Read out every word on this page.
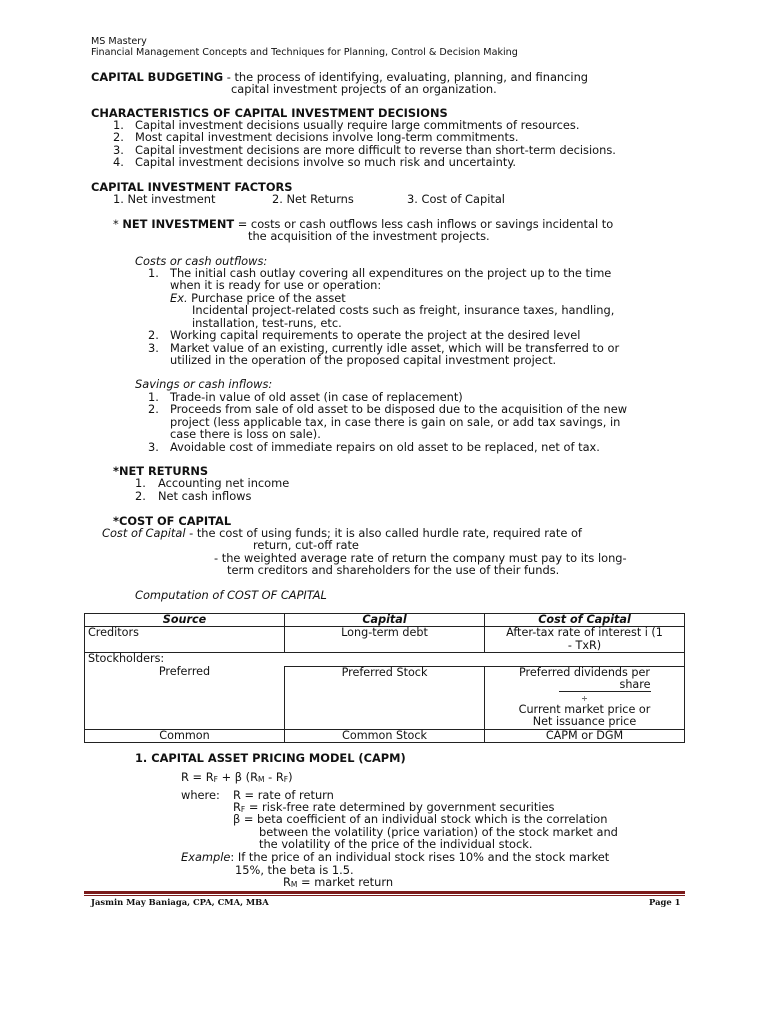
MS Mastery
Financial Management Concepts and Techniques for Planning, Control & Decision Making
CAPITAL BUDGETING - the process of identifying, evaluating, planning, and financing
capital investment projects of an organization.
CHARACTERISTICS OF CAPITAL INVESTMENT DECISIONS
1. Capital investment decisions usually require large commitments of resources.
2. Most capital investment decisions involve long-term commitments.
3. Capital investment decisions are more difficult to reverse than short-term decisions.
4. Capital investment decisions involve so much risk and uncertainty.
CAPITAL INVESTMENT FACTORS
1. Net investment	2. Net Returns	3. Cost of Capital
* NET INVESTMENT = costs or cash outflows less cash inflows or savings incidental to
the acquisition of the investment projects.
Costs or cash outflows:
1. The initial cash outlay covering all expenditures on the project up to the time
when it is ready for use or operation:
Ex. Purchase price of the asset
Incidental project-related costs such as freight, insurance taxes, handling,
installation, test-runs, etc.
2. Working capital requirements to operate the project at the desired level
3. Market value of an existing, currently idle asset, which will be transferred to or
utilized in the operation of the proposed capital investment project.
Savings or cash inflows:
1. Trade-in value of old asset (in case of replacement)
2. Proceeds from sale of old asset to be disposed due to the acquisition of the new
project (less applicable tax, in case there is gain on sale, or add tax savings, in
case there is loss on sale).
3. Avoidable cost of immediate repairs on old asset to be replaced, net of tax.
*NET RETURNS
1. Accounting net income
2. Net cash inflows
*COST OF CAPITAL
Cost of Capital - the cost of using funds; it is also called hurdle rate, required rate of
return, cut-off rate
- the weighted average rate of return the company must pay to its long-
term creditors and shareholders for the use of their funds.
Computation of COST OF CAPITAL
Source	Capital	Cost of Capital
Creditors	Long-term debt	After-tax rate of interest i (1
- TxR)
Stockholders:		
Preferred	Preferred Stock	Preferred dividends per
share
÷
Current market price or
Net issuance price
Common	Common Stock	CAPM or DGM
1. CAPITAL ASSET PRICING MODEL (CAPM)
$R = R_F + \beta$ $(R_M - R_F)$
where: R = rate of return
$R_F$ = risk-free rate determined by government securities
β = beta coefficient of an individual stock which is the correlation
between the volatility (price variation) of the stock market and
the volatility of the price of the individual stock.
Example: If the price of an individual stock rises 10% and the stock market
15%, the beta is 1.5.
$R_M$ = market return
Jasmin May Baniaga, CPA, CMA, MBA	Page 1
